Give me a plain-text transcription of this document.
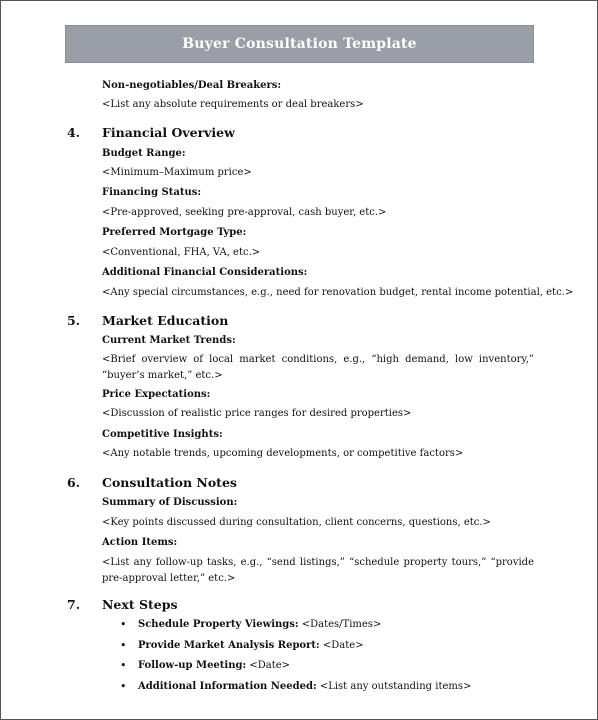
Buyer Consultation Template
Non-negotiables/Deal Breakers:
<List any absolute requirements or deal breakers>
4. Financial Overview
Budget Range:
<Minimum–Maximum price>
Financing Status:
<Pre-approved, seeking pre-approval, cash buyer, etc.>
Preferred Mortgage Type:
<Conventional, FHA, VA, etc.>
Additional Financial Considerations:
<Any special circumstances, e.g., need for renovation budget, rental income potential, etc.>
5. Market Education
Current Market Trends:
<Brief overview of local market conditions, e.g., “high demand, low inventory,” “buyer’s market,” etc.>
Price Expectations:
<Discussion of realistic price ranges for desired properties>
Competitive Insights:
<Any notable trends, upcoming developments, or competitive factors>
6. Consultation Notes
Summary of Discussion:
<Key points discussed during consultation, client concerns, questions, etc.>
Action Items:
<List any follow-up tasks, e.g., “send listings,” “schedule property tours,” “provide pre-approval letter,” etc.>
7. Next Steps
• Schedule Property Viewings: <Dates/Times>
• Provide Market Analysis Report: <Date>
• Follow-up Meeting: <Date>
• Additional Information Needed: <List any outstanding items>
